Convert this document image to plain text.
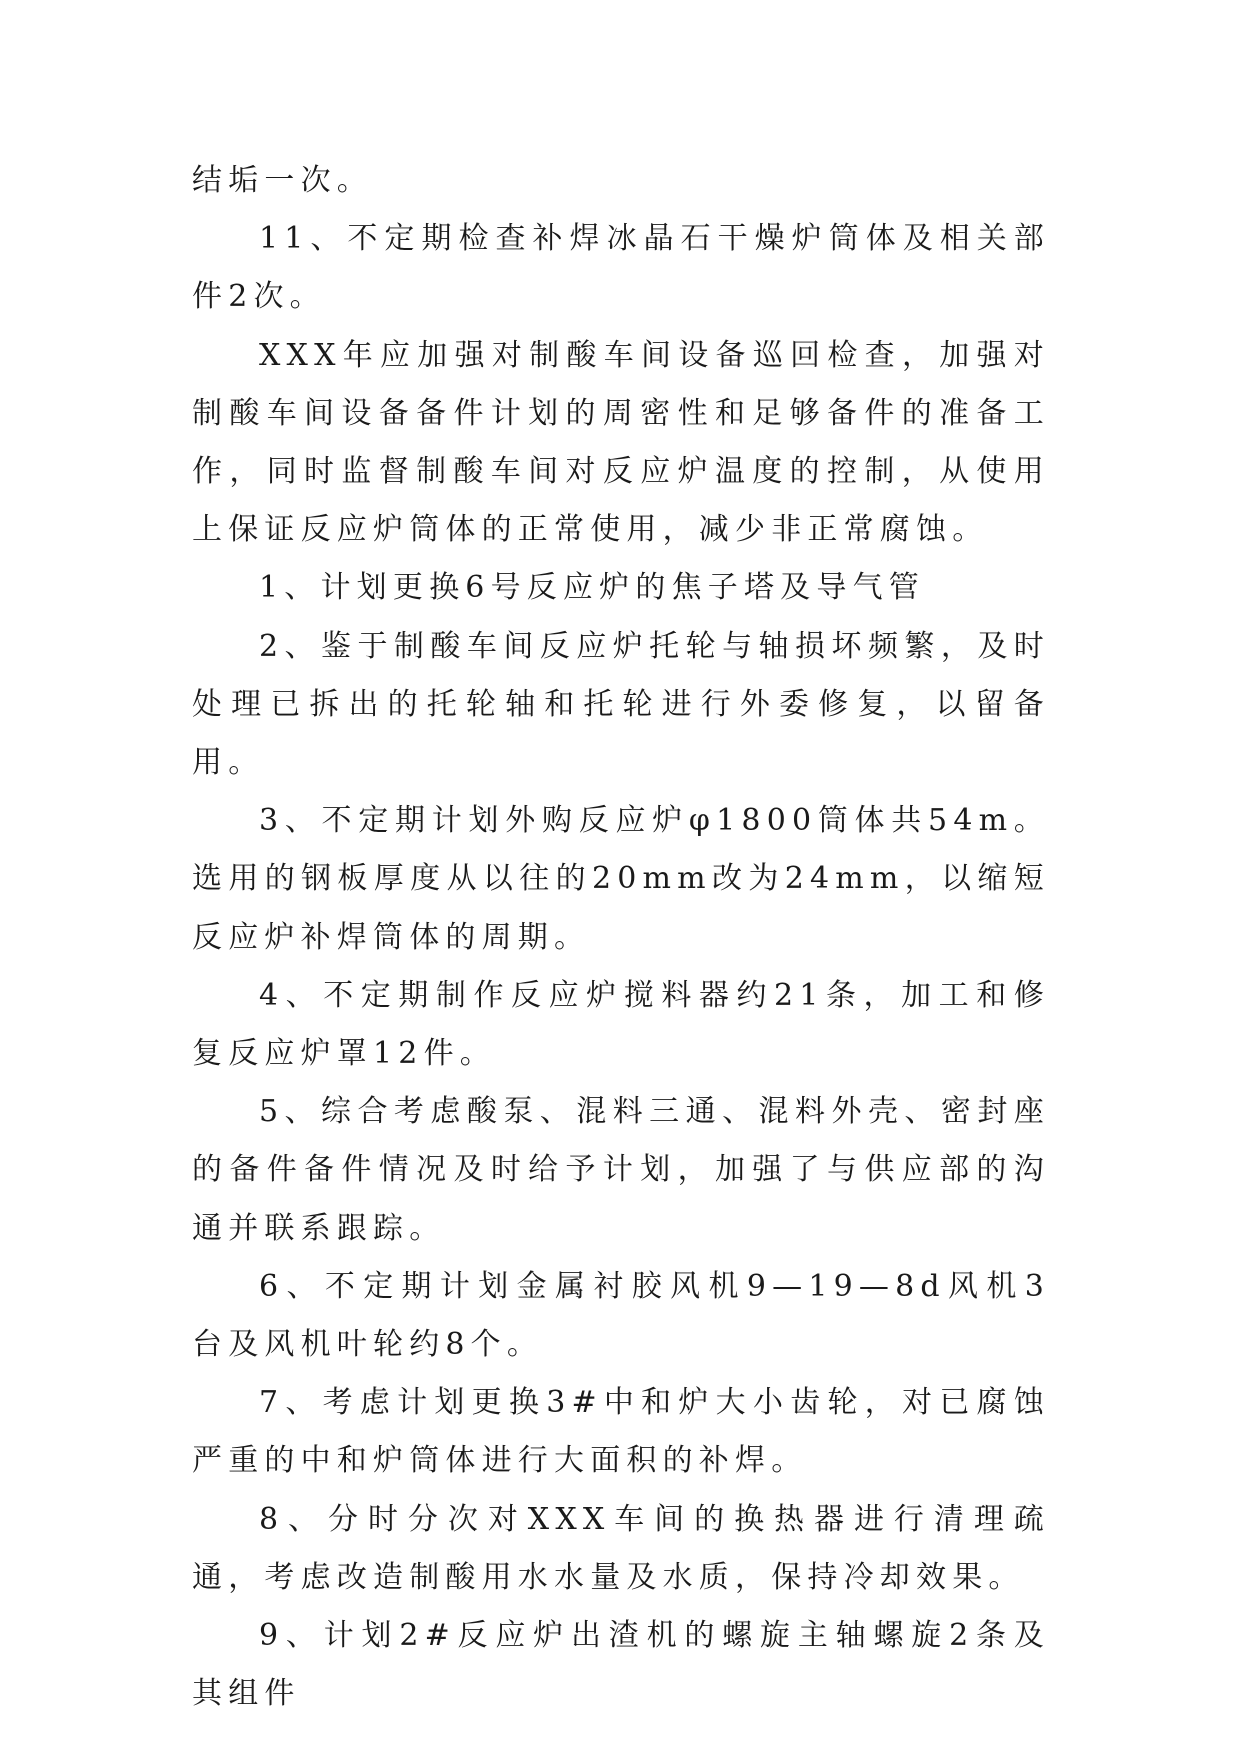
结垢一次。

11、不定期检查补焊冰晶石干燥炉筒体及相关部件2次。

XXX年应加强对制酸车间设备巡回检查，加强对制酸车间设备备件计划的周密性和足够备件的准备工作，同时监督制酸车间对反应炉温度的控制，从使用上保证反应炉筒体的正常使用，减少非正常腐蚀。

1、计划更换6号反应炉的焦子塔及导气管

2、鉴于制酸车间反应炉托轮与轴损坏频繁，及时处理已拆出的托轮轴和托轮进行外委修复，以留备用。

3、不定期计划外购反应炉φ1800筒体共54m。选用的钢板厚度从以往的20mm改为24mm，以缩短反应炉补焊筒体的周期。

4、不定期制作反应炉搅料器约21条，加工和修复反应炉罩12件。

5、综合考虑酸泵、混料三通、混料外壳、密封座的备件备件情况及时给予计划，加强了与供应部的沟通并联系跟踪。

6、不定期计划金属衬胶风机9—19—8d风机3台及风机叶轮约8个。

7、考虑计划更换3#中和炉大小齿轮，对已腐蚀严重的中和炉筒体进行大面积的补焊。

8、分时分次对XXX车间的换热器进行清理疏通，考虑改造制酸用水水量及水质，保持冷却效果。

9、计划2#反应炉出渣机的螺旋主轴螺旋2条及其组件
